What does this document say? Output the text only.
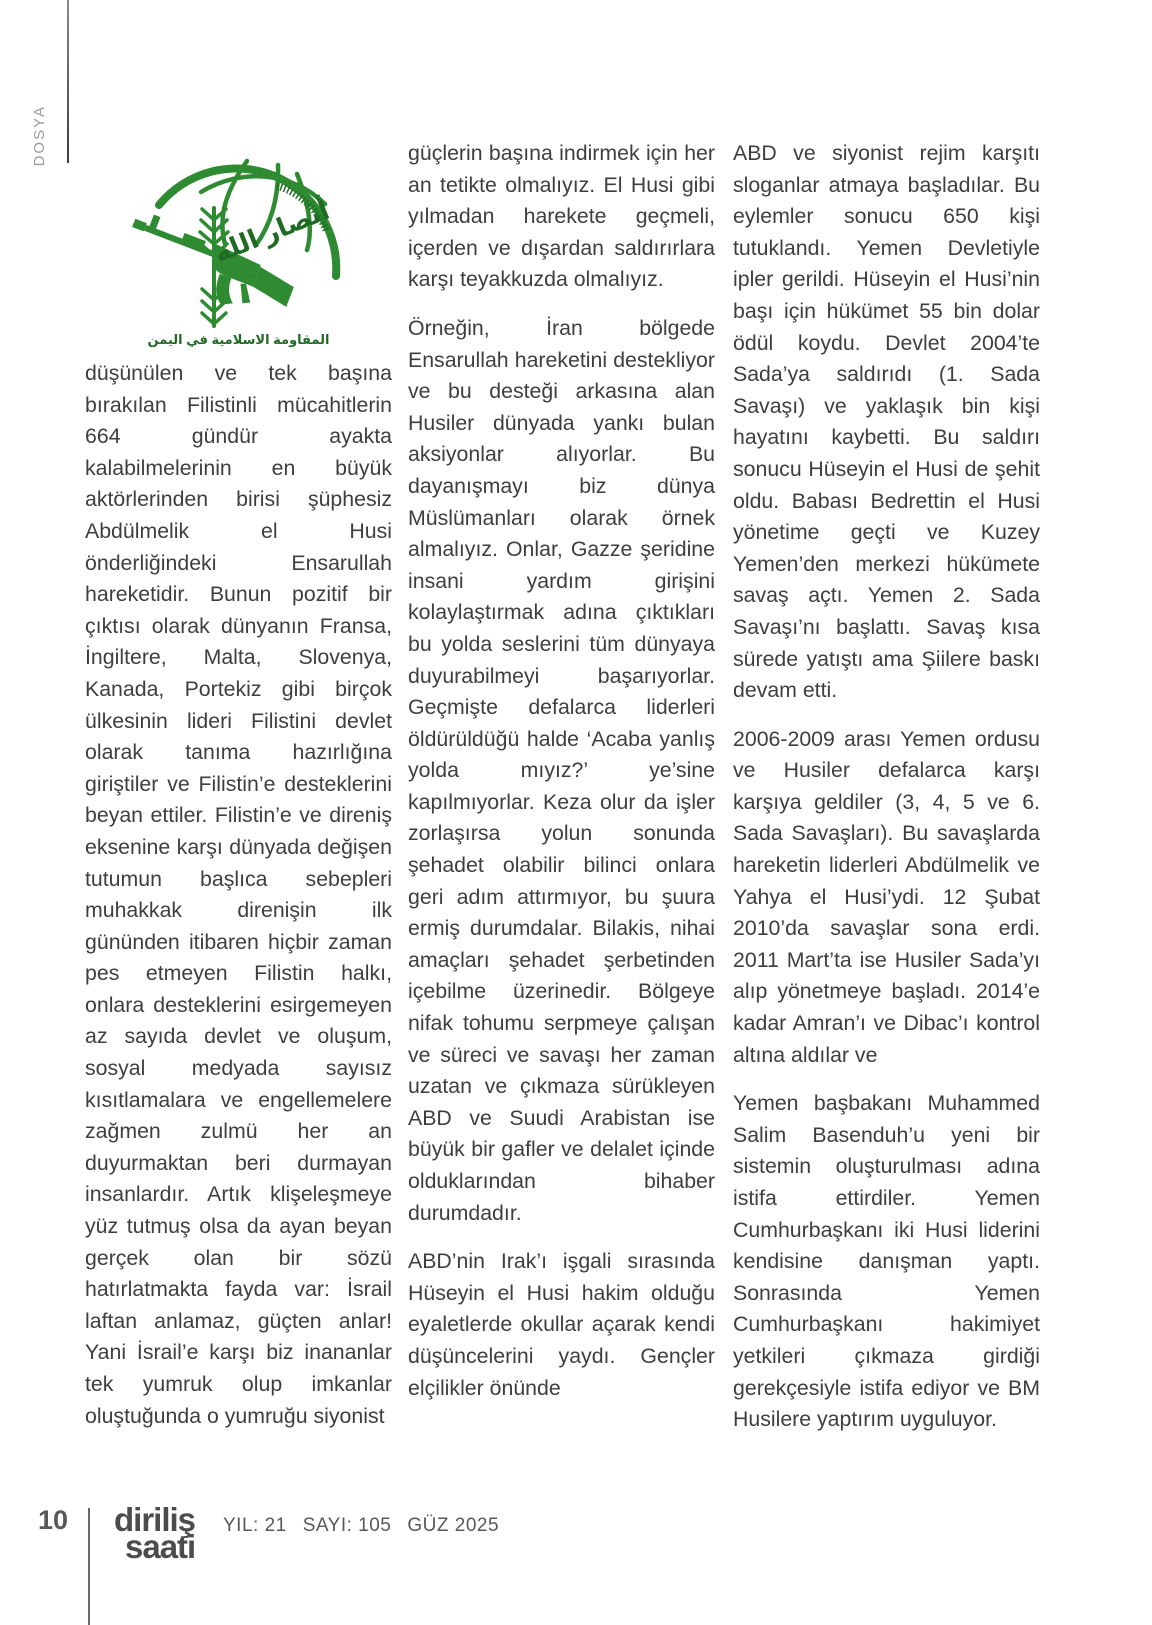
DOSYA
أنصار الله
المقاومة الاسلامية في اليمن

düşünülen ve tek başına bırakılan Filistinli mücahitlerin 664 gündür ayakta kalabilmelerinin en büyük aktörlerinden birisi şüphesiz Abdülmelik el Husi önderliğindeki Ensarullah hareketidir. Bunun pozitif bir çıktısı olarak dünyanın Fransa, İngiltere, Malta, Slovenya, Kanada, Portekiz gibi birçok ülkesinin lideri Filistini devlet olarak tanıma hazırlığına giriştiler ve Filistin’e desteklerini beyan ettiler. Filistin’e ve direniş eksenine karşı dünyada değişen tutumun başlıca sebepleri muhakkak direnişin ilk gününden itibaren hiçbir zaman pes etmeyen Filistin halkı, onlara desteklerini esirgemeyen az sayıda devlet ve oluşum, sosyal medyada sayısız kısıtlamalara ve engellemelere zağmen zulmü her an duyurmaktan beri durmayan insanlardır. Artık klişeleşmeye yüz tutmuş olsa da ayan beyan gerçek olan bir sözü hatırlatmakta fayda var: İsrail laftan anlamaz, güçten anlar! Yani İsrail’e karşı biz inananlar tek yumruk olup imkanlar oluştuğunda o yumruğu siyonist

güçlerin başına indirmek için her an tetikte olmalıyız. El Husi gibi yılmadan harekete geçmeli, içerden ve dışardan saldırırlara karşı teyakkuzda olmalıyız.

Örneğin, İran bölgede Ensarullah hareketini destekliyor ve bu desteği arkasına alan Husiler dünyada yankı bulan aksiyonlar alıyorlar. Bu dayanışmayı biz dünya Müslümanları olarak örnek almalıyız. Onlar, Gazze şeridine insani yardım girişini kolaylaştırmak adına çıktıkları bu yolda seslerini tüm dünyaya duyurabilmeyi başarıyorlar. Geçmişte defalarca liderleri öldürüldüğü halde ‘Acaba yanlış yolda mıyız?’ ye’sine kapılmıyorlar. Keza olur da işler zorlaşırsa yolun sonunda şehadet olabilir bilinci onlara geri adım attırmıyor, bu şuura ermiş durumdalar. Bilakis, nihai amaçları şehadet şerbetinden içebilme üzerinedir. Bölgeye nifak tohumu serpmeye çalışan ve süreci ve savaşı her zaman uzatan ve çıkmaza sürükleyen ABD ve Suudi Arabistan ise büyük bir gafler ve delalet içinde olduklarından bihaber durumdadır.

ABD’nin Irak’ı işgali sırasında Hüseyin el Husi hakim olduğu eyaletlerde okullar açarak kendi düşüncelerini yaydı. Gençler elçilikler önünde

ABD ve siyonist rejim karşıtı sloganlar atmaya başladılar. Bu eylemler sonucu 650 kişi tutuklandı. Yemen Devletiyle ipler gerildi. Hüseyin el Husi’nin başı için hükümet 55 bin dolar ödül koydu. Devlet 2004’te Sada’ya saldırıdı (1. Sada Savaşı) ve yaklaşık bin kişi hayatını kaybetti. Bu saldırı sonucu Hüseyin el Husi de şehit oldu. Babası Bedrettin el Husi yönetime geçti ve Kuzey Yemen’den merkezi hükümete savaş açtı. Yemen 2. Sada Savaşı’nı başlattı. Savaş kısa sürede yatıştı ama Şiilere baskı devam etti.

2006-2009 arası Yemen ordusu ve Husiler defalarca karşı karşıya geldiler (3, 4, 5 ve 6. Sada Savaşları). Bu savaşlarda hareketin liderleri Abdülmelik ve Yahya el Husi’ydi. 12 Şubat 2010’da savaşlar sona erdi. 2011 Mart’ta ise Husiler Sada’yı alıp yönetmeye başladı. 2014’e kadar Amran’ı ve Dibac’ı kontrol altına aldılar ve

Yemen başbakanı Muhammed Salim Basenduh’u yeni bir sistemin oluşturulması adına istifa ettirdiler. Yemen Cumhurbaşkanı iki Husi liderini kendisine danışman yaptı. Sonrasında Yemen Cumhurbaşkanı hakimiyet yetkileri çıkmaza girdiği gerekçesiyle istifa ediyor ve BM Husilere yaptırım uyguluyor.

10 diriliş
saati
YIL: 21 SAYI: 105 GÜZ 2025
